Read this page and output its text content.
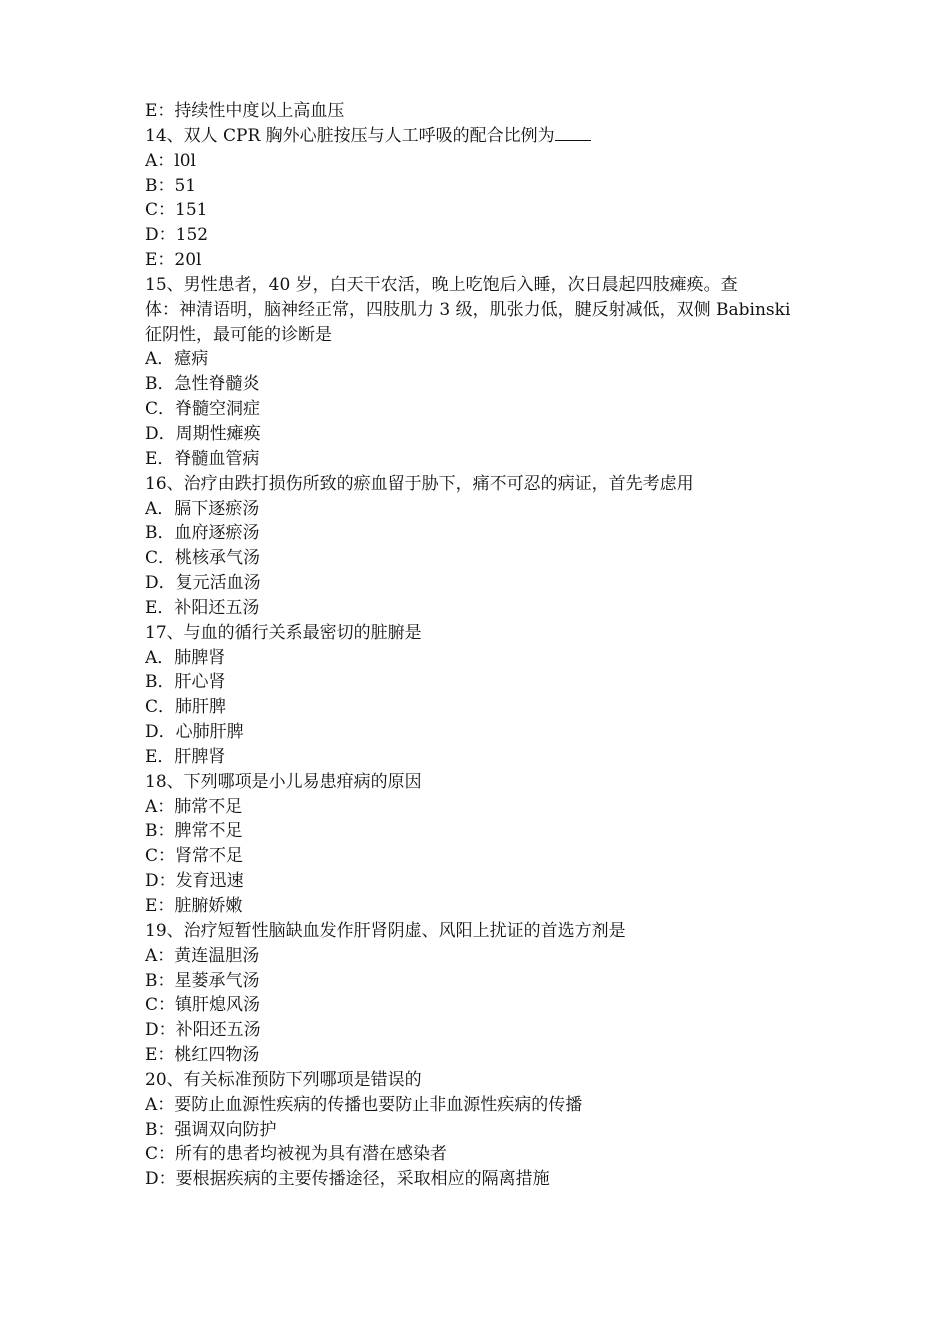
E：持续性中度以上高血压
14、双人 CPR 胸外心脏按压与人工呼吸的配合比例为
A：l0l
B：51
C：151
D：152
E：20l
15、男性患者，40 岁，白天干农活，晚上吃饱后入睡，次日晨起四肢瘫痪。查
体：神清语明，脑神经正常，四肢肌力 3 级，肌张力低，腱反射减低，双侧 Babinski
征阴性，最可能的诊断是
A．癔病
B．急性脊髓炎
C．脊髓空洞症
D．周期性瘫痪
E．脊髓血管病
16、治疗由跌打损伤所致的瘀血留于胁下，痛不可忍的病证，首先考虑用
A．膈下逐瘀汤
B．血府逐瘀汤
C．桃核承气汤
D．复元活血汤
E．补阳还五汤
17、与血的循行关系最密切的脏腑是
A．肺脾肾
B．肝心肾
C．肺肝脾
D．心肺肝脾
E．肝脾肾
18、下列哪项是小儿易患疳病的原因
A：肺常不足
B：脾常不足
C：肾常不足
D：发育迅速
E：脏腑娇嫩
19、治疗短暂性脑缺血发作肝肾阴虚、风阳上扰证的首选方剂是
A：黄连温胆汤
B：星蒌承气汤
C：镇肝熄风汤
D：补阳还五汤
E：桃红四物汤
20、有关标准预防下列哪项是错误的
A：要防止血源性疾病的传播也要防止非血源性疾病的传播
B：强调双向防护
C：所有的患者均被视为具有潜在感染者
D：要根据疾病的主要传播途径，采取相应的隔离措施
